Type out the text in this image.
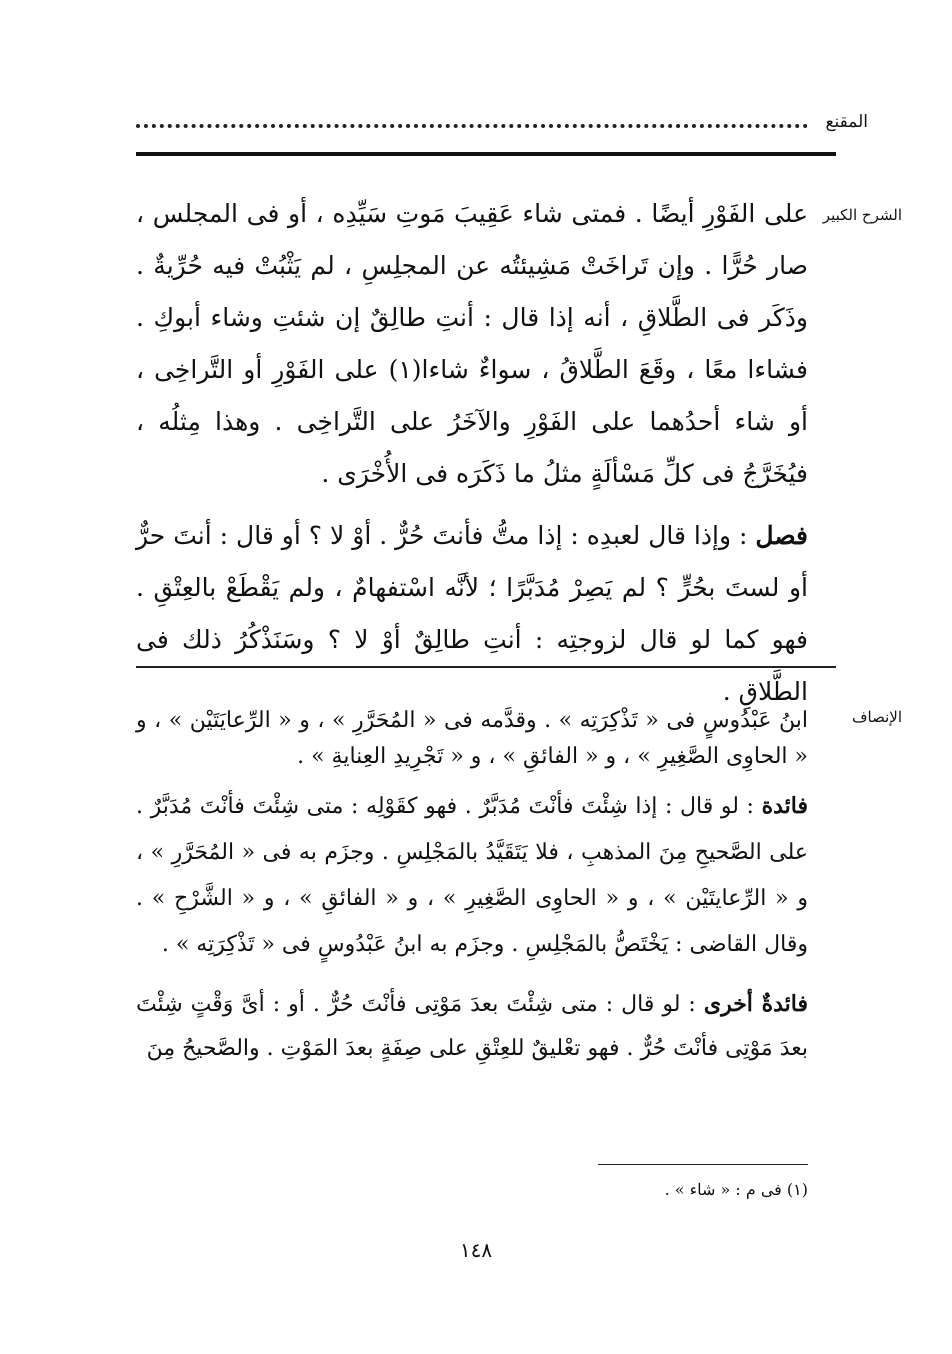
المقنع
الشرح الكبير

على الفَوْرِ أيضًا . فمتى شاء عَقِيبَ مَوتِ سَيِّدِه ، أو فى المجلس ، صار حُرًّا . وإن تَراخَتْ مَشِيئتُه عن المجلِسِ ، لم يَثْبُتْ فيه حُرِّيةٌ . وذَكَر فى الطَّلاقِ ، أنه إذا قال : أنتِ طالِقٌ إن شئتِ وشاء أبوكِ . فشاءا معًا ، وقَعَ الطَّلاقُ ، سواءٌ شاءا(١) على الفَوْرِ أو التَّراخِى ، أو شاء أحدُهما على الفَوْرِ والآخَرُ على التَّراخِى . وهذا مِثلُه ، فيُخَرَّجُ فى كلِّ مَسْألَةٍ مثلُ ما ذَكَرَه فى الأُخْرَى .

فصل : وإذا قال لعبدِه : إذا متُّ فأنتَ حُرٌّ . أوْ لا ؟ أو قال : أنتَ حرٌّ أو لستَ بحُرٍّ ؟ لم يَصِرْ مُدَبَّرًا ؛ لأنَّه اسْتفهامٌ ، ولم يَقْطَعْ بالعِتْقِ . فهو كما لو قال لزوجتِه : أنتِ طالِقٌ أوْ لا ؟ وسَنَذْكُرُ ذلك فى الطَّلاقِ .

الإنصاف

ابنُ عَبْدُوسٍ فى « تَذْكِرَتِه » . وقدَّمه فى « المُحَرَّرِ » ، و « الرِّعايَتَيْن » ، و « الحاوِى الصَّغِيرِ » ، و « الفائقِ » ، و « تَجْرِيدِ العِنايةِ » .

فائدة : لو قال : إذا شِئْتَ فأنْتَ مُدَبَّرٌ . فهو كقَوْلِه : متى شِئْتَ فأنْتَ مُدَبَّرٌ . على الصَّحيحِ مِنَ المذهبِ ، فلا يَتَقَيَّدُ بالمَجْلِسِ . وجزَم به فى « المُحَرَّرِ » ، و « الرِّعايتَيْن » ، و « الحاوِى الصَّغِيرِ » ، و « الفائقِ » ، و « الشَّرْحِ » . وقال القاضى : يَخْتَصُّ بالمَجْلِسِ . وجزَم به ابنُ عَبْدُوسٍ فى « تَذْكِرَتِه » .

فائدةٌ أخرى : لو قال : متى شِئْتَ بعدَ مَوْتِى فأنْتَ حُرٌّ . أو : أىَّ وَقْتٍ شِئْتَ بعدَ مَوْتِى فأنْتَ حُرٌّ . فهو تعْليقٌ للعِتْقِ على صِفَةٍ بعدَ المَوْتِ . والصَّحيحُ مِنَ

(١) فى م : « شاء » .
١٤٨
